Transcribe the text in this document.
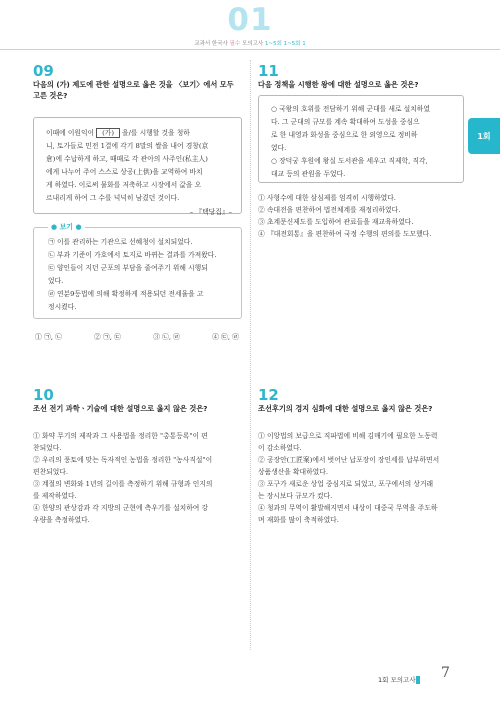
01
교과서 한국사 필수 모의고사 1~5회 1~5회 1
1회
09
다음의 (가) 제도에 관한 설명으로 옳은 것을 〈보기〉에서 모두
고른 것은?
이때에 이원익이 (가) 을/를 시행할 것을 청하
니, 토가들로 민전 1결에 각기 8말의 쌀을 내어 경창(京
倉)에 수납하게 하고, 때때로 각 관아의 사주인(私主人)
에게 나누어 주어 스스로 상공(上供)을 교역하여 바치
게 하였다. 이로써 물화를 저축하고 시장에서 값을 오
르내리게 하여 그 수를 넉넉히 남겼던 것이다.
– 『택당집』–
● 보기 ●
㉠ 이를 관리하는 기관으로 선혜청이 설치되었다.
㉡ 부과 기준이 가호에서 토지로 바뀌는 결과를 가져왔다.
㉢ 양인들이 지던 군포의 부담을 줄여주기 위해 시행되
었다.
㉣ 연분9등법에 의해 확정하게 적용되던 전세율을 고
정시켰다.
① ㉠, ㉡	② ㉠, ㉢	③ ㉡, ㉣	④ ㉢, ㉣
11
다음 정책을 시행한 왕에 대한 설명으로 옳은 것은?
○ 국왕의 호위를 전담하기 위해 군대를 새로 설치하였
다. 그 군대의 규모를 계속 확대하여 도성을 중심으
로 한 내영과 화성을 중심으로 한 외영으로 정비하
였다.
○ 장덕궁 후원에 왕실 도서관을 세우고 직제학, 직각,
대교 등의 관원을 두었다.
① 사형수에 대한 삼심제를 엄격히 시행하였다.
② 속대전을 편찬하여 법전체계를 재정리하였다.
③ 초계문신제도를 도입하여 관료들을 재교육하였다.
④ 『대전회통』을 편찬하여 국정 수행의 편의를 도모했다.
10
조선 전기 과학ㆍ기술에 대한 설명으로 옳지 않은 것은?
① 화약 무기의 제작과 그 사용법을 정리한 "총통등록"이 편
찬되었다.
② 우리의 풍토에 맞는 독자적인 농법을 정리한 "농사직설"이
편찬되었다.
③ 계절의 변화와 1년의 길이를 측정하기 위해 규형과 인지의
를 제작하였다.
④ 한양의 관상감과 각 지방의 군현에 측우기를 설치하여 강
우량을 측정하였다.
12
조선후기의 경지 심화에 대한 설명으로 옳지 않은 것은?
① 이앙법의 보급으로 직파법에 비해 김매기에 필요한 노동력
이 감소하였다.
② 공장안(工匠案)에서 벗어난 납포장이 장인세를 납부하면서
상품생산을 확대하였다.
③ 포구가 새로운 상업 중심지로 되었고, 포구에서의 상거래
는 장시보다 규모가 컸다.
④ 청과의 무역이 활발해지면서 내상이 대중국 무역을 주도하
며 재화를 많이 축적하였다.
1회 모의고사 7
